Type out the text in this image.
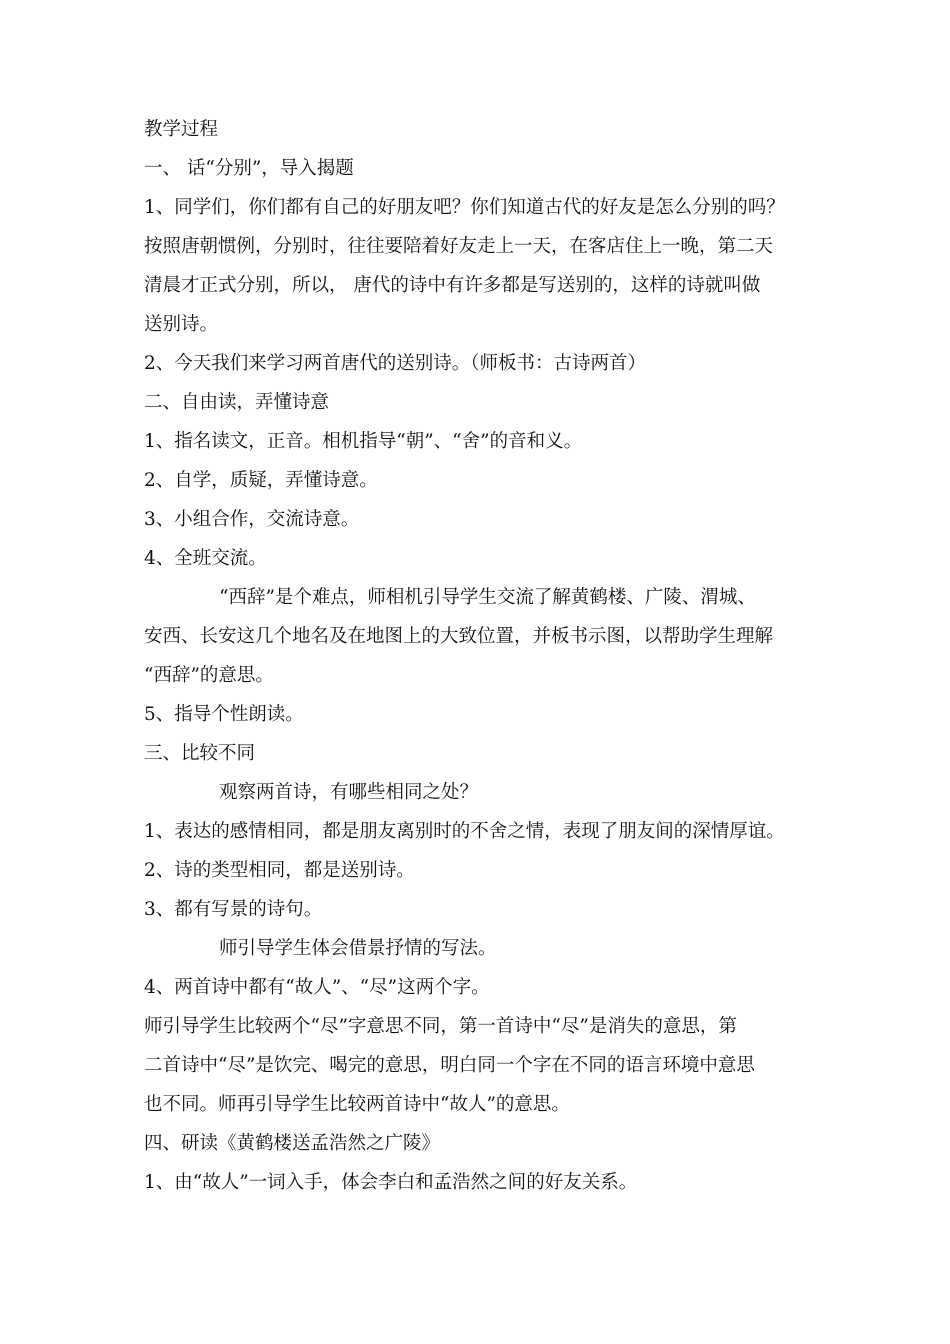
教学过程
一、 话“分别”，导入揭题
1、同学们，你们都有自己的好朋友吧？你们知道古代的好友是怎么分别的吗？
按照唐朝惯例，分别时，往往要陪着好友走上一天，在客店住上一晚，第二天
清晨才正式分别，所以， 唐代的诗中有许多都是写送别的，这样的诗就叫做
送别诗。
2、今天我们来学习两首唐代的送别诗。（师板书：古诗两首）
二、自由读，弄懂诗意
1、指名读文，正音。相机指导“朝”、“舍”的音和义。
2、自学，质疑，弄懂诗意。
3、小组合作，交流诗意。
4、全班交流。
“西辞”是个难点，师相机引导学生交流了解黄鹤楼、广陵、渭城、
安西、长安这几个地名及在地图上的大致位置，并板书示图，以帮助学生理解
“西辞”的意思。
5、指导个性朗读。
三、比较不同
观察两首诗，有哪些相同之处？
1、表达的感情相同，都是朋友离别时的不舍之情，表现了朋友间的深情厚谊。
2、诗的类型相同，都是送别诗。
3、都有写景的诗句。
师引导学生体会借景抒情的写法。
4、两首诗中都有“故人”、“尽”这两个字。
师引导学生比较两个“尽”字意思不同，第一首诗中“尽”是消失的意思，第
二首诗中“尽”是饮完、喝完的意思，明白同一个字在不同的语言环境中意思
也不同。师再引导学生比较两首诗中“故人”的意思。
四、研读《黄鹤楼送孟浩然之广陵》
1、由“故人”一词入手，体会李白和孟浩然之间的好友关系。
